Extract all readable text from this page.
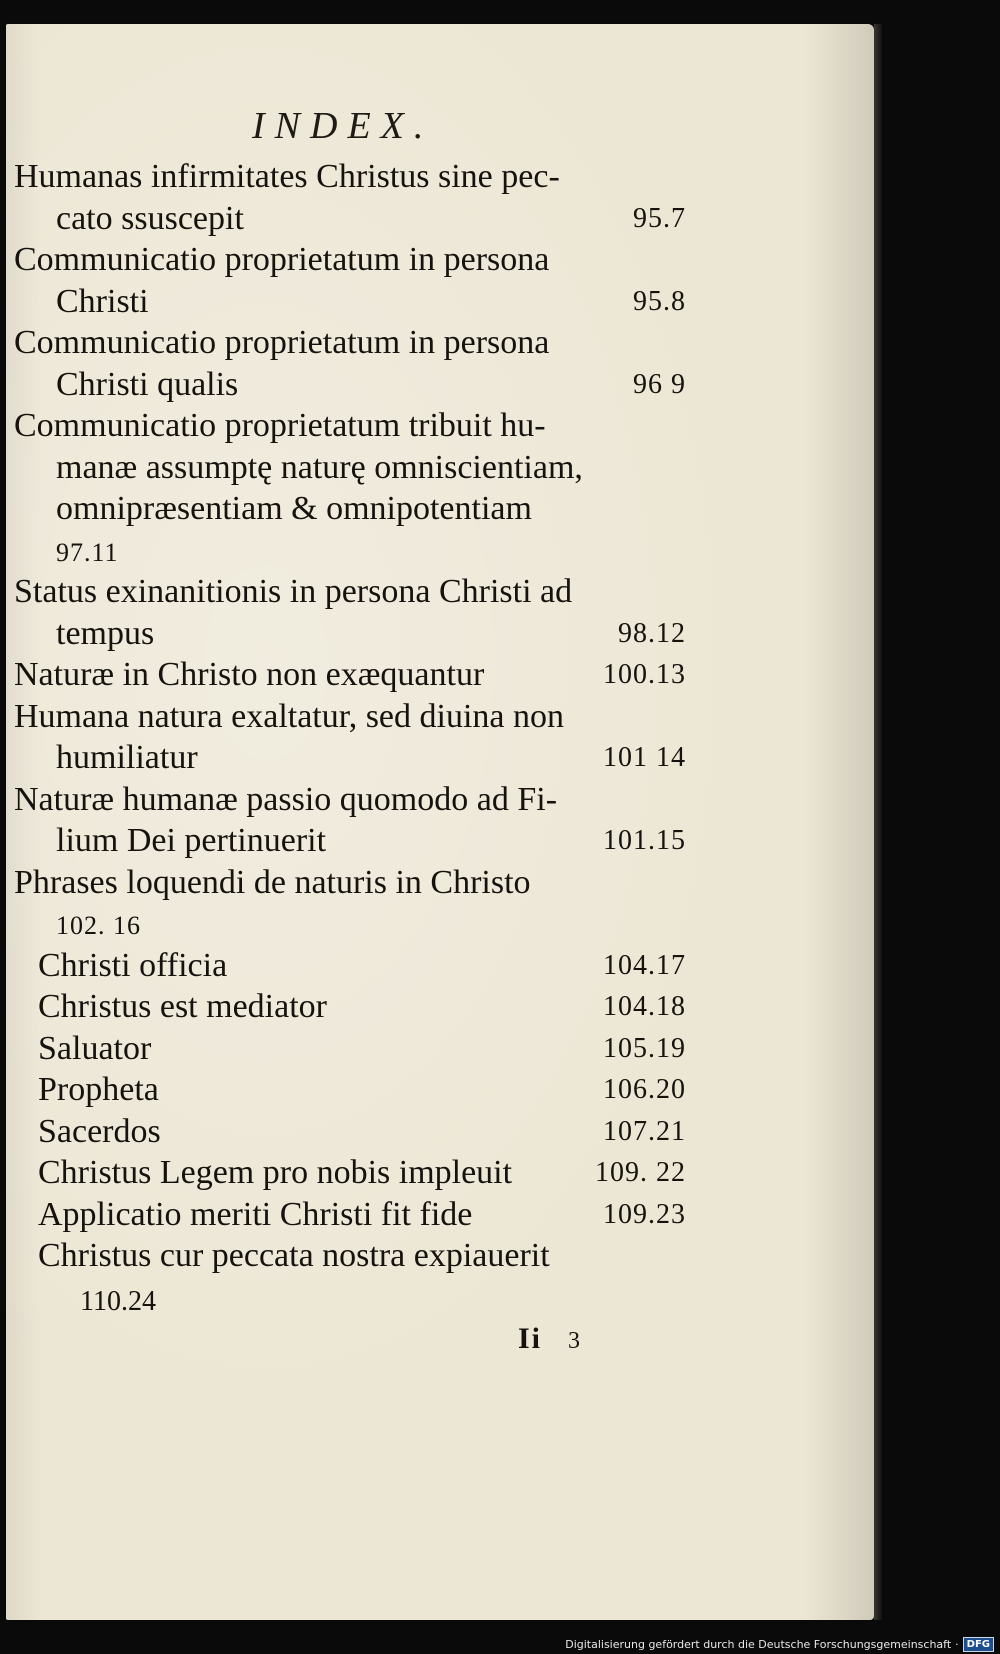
INDEX.
Humanas infirmitates Christus sine pec-
cato ssuscepit	95.7
Communicatio proprietatum in persona
Christi	95.8
Communicatio proprietatum in persona
Christi qualis	96 9
Communicatio proprietatum tribuit hu-
manæ assumptę naturę omniscientiam,
omnipræsentiam & omnipotentiam
97.11
Status exinanitionis in persona Christi ad
tempus	98.12
Naturæ in Christo non exæquantur	100.13
Humana natura exaltatur, sed diuina non
humiliatur	101 14
Naturæ humanæ passio quomodo ad Fi-
lium Dei pertinuerit	101.15
Phrases loquendi de naturis in Christo
102. 16
Christi officia	104.17
Christus est mediator	104.18
Saluator	105.19
Propheta	106.20
Sacerdos	107.21
Christus Legem pro nobis impleuit	109. 22
Applicatio meriti Christi fit fide	109.23
Christus cur peccata nostra expiauerit
110.24
Ii 3
Digitalisierung gefördert durch die Deutsche Forschungsgemeinschaft · DFG
